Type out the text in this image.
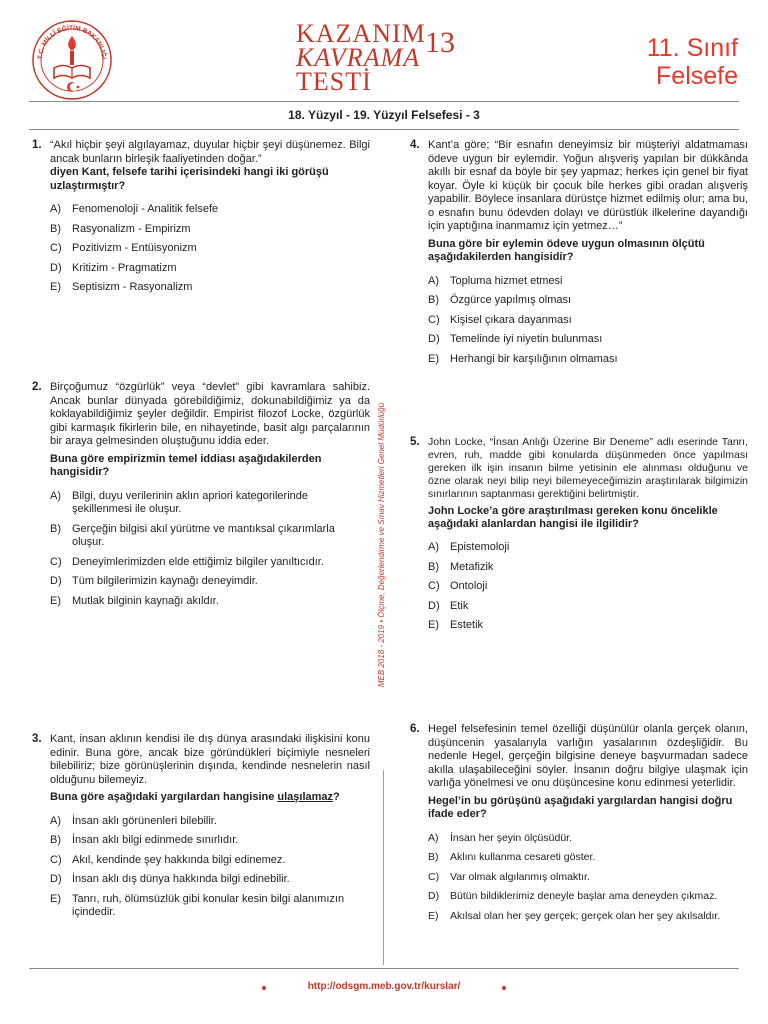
T.C. MİLLÎ EĞİTİM BAKANLIĞI
KAZANIM
KAVRAMA
TESTİ
13	11. Sınıf
Felsefe
18. Yüzyıl - 19. Yüzyıl Felsefesi - 3
MEB 2018 - 2019 • Ölçme, Değerlendirme ve Sınav Hizmetleri Genel Müdürlüğü
1. “Akıl hiçbir şeyi algılayamaz, duyular hiçbir şeyi düşünemez. Bilgi ancak bunların birleşik faaliyetinden doğar.”

diyen Kant, felsefe tarihi içerisindeki hangi iki görüşü uzlaştırmıştır?

A) Fenomenoloji - Analitik felsefe
B) Rasyonalizm - Empirizm
C) Pozitivizm - Entüisyonizm
D) Kritizim - Pragmatizm
E) Septisizm - Rasyonalizm
2. Birçoğumuz “özgürlük” veya “devlet” gibi kavramlara sahibiz. Ancak bunlar dünyada görebildiğimiz, dokunabildiğimiz ya da koklayabildiğimiz şeyler değildir. Empirist filozof Locke, özgürlük gibi karmaşık fikirlerin bile, en nihayetinde, basit algı parçalarının bir araya gelmesinden oluştuğunu iddia eder.

Buna göre empirizmin temel iddiası aşağıdakilerden hangisidir?

A) Bilgi, duyu verilerinin aklın apriori kategorilerinde şekillenmesi ile oluşur.
B) Gerçeğin bilgisi akıl yürütme ve mantıksal çıkarımlarla oluşur.
C) Deneyimlerimizden elde ettiğimiz bilgiler yanıltıcıdır.
D) Tüm bilgilerimizin kaynağı deneyimdir.
E) Mutlak bilginin kaynağı akıldır.
3. Kant, insan aklının kendisi ile dış dünya arasındaki ilişkisini konu edinir. Buna göre, ancak bize göründükleri biçimiyle nesneleri bilebiliriz; bize görünüşlerinin dışında, kendinde nesnelerin nasıl olduğunu bilemeyiz.

Buna göre aşağıdaki yargılardan hangisine ulaşılamaz?

A) İnsan aklı görünenleri bilebilir.
B) İnsan aklı bilgi edinmede sınırlıdır.
C) Akıl, kendinde şey hakkında bilgi edinemez.
D) İnsan aklı dış dünya hakkında bilgi edinebilir.
E) Tanrı, ruh, ölümsüzlük gibi konular kesin bilgi alanımızın içindedir.
4. Kant’a göre; “Bir esnafın deneyimsiz bir müşteriyi aldatmaması ödeve uygun bir eylemdir. Yoğun alışveriş yapılan bir dükkânda akıllı bir esnaf da böyle bir şey yapmaz; herkes için genel bir fiyat koyar. Öyle ki küçük bir çocuk bile herkes gibi oradan alışveriş yapabilir. Böylece insanlara dürüstçe hizmet edilmiş olur; ama bu, o esnafın bunu ödevden dolayı ve dürüstlük ilkelerine dayandığı için yaptığına inanmamız için yetmez…”

Buna göre bir eylemin ödeve uygun olmasının ölçütü aşağıdakilerden hangisidir?

A) Topluma hizmet etmesi
B) Özgürce yapılmış olması
C) Kişisel çıkara dayanması
D) Temelinde iyi niyetin bulunması
E) Herhangi bir karşılığının olmaması
5. John Locke, “İnsan Anlığı Üzerine Bir Deneme” adlı eserinde Tanrı, evren, ruh, madde gibi konularda düşünmeden önce yapılması gereken ilk işin insanın bilme yetisinin ele alınması olduğunu ve özne olarak neyi bilip neyi bilemeyeceğimizin araştırılarak bilgimizin sınırlarının saptanması gerektiğini belirtmiştir.

John Locke’a göre araştırılması gereken konu öncelikle aşağıdaki alanlardan hangisi ile ilgilidir?

A) Epistemoloji
B) Metafizik
C) Ontoloji
D) Etik
E) Estetik
6. Hegel felsefesinin temel özelliği düşünülür olanla gerçek olanın, düşüncenin yasalarıyla varlığın yasalarının özdeşliğidir. Bu nedenle Hegel, gerçeğin bilgisine deneye başvurmadan sadece akılla ulaşabileceğini söyler. İnsanın doğru bilgiye ulaşmak için varlığa yönelmesi ve onu düşüncesine konu edinmesi yeterlidir.

Hegel’in bu görüşünü aşağıdaki yargılardan hangisi doğru ifade eder?

A) İnsan her şeyin ölçüsüdür.
B) Aklını kullanma cesareti göster.
C) Var olmak algılanmış olmaktır.
D) Bütün bildiklerimiz deneyle başlar ama deneyden çıkmaz.
E) Akılsal olan her şey gerçek; gerçek olan her şey akılsaldır.
http://odsgm.meb.gov.tr/kurslar/
